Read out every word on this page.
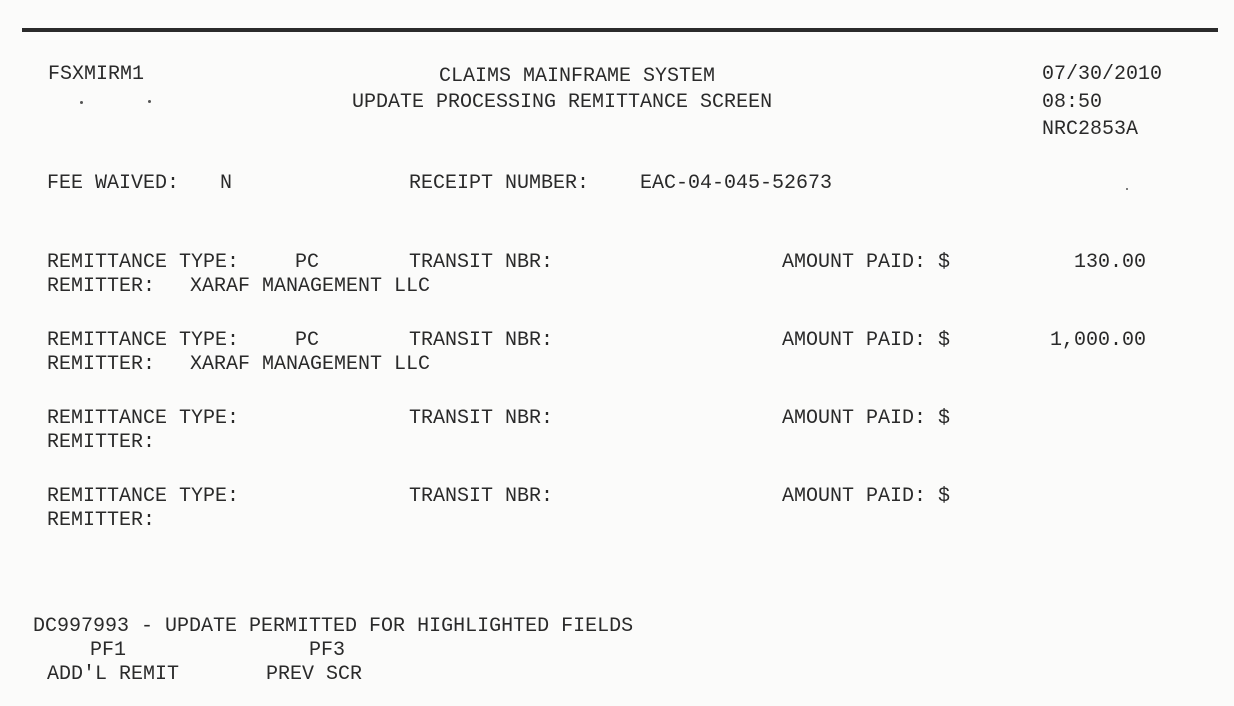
FSXMIRM1	CLAIMS MAINFRAME SYSTEM
UPDATE PROCESSING REMITTANCE SCREEN
07/30/2010
08:50
NRC2853A
FEE WAIVED: N	RECEIPT NUMBER:	EAC-04-045-52673
REMITTANCE TYPE:	PC	TRANSIT NBR:	AMOUNT PAID: $	130.00
REMITTER: XARAF MANAGEMENT LLC
REMITTANCE TYPE:	PC	TRANSIT NBR:	AMOUNT PAID: $	1,000.00
REMITTER: XARAF MANAGEMENT LLC
REMITTANCE TYPE:	TRANSIT NBR:	AMOUNT PAID: $
REMITTER:
REMITTANCE TYPE:	TRANSIT NBR:	AMOUNT PAID: $
REMITTER:
DC997993 - UPDATE PERMITTED FOR HIGHLIGHTED FIELDS
PF1	PF3
ADD'L REMIT	PREV SCR
